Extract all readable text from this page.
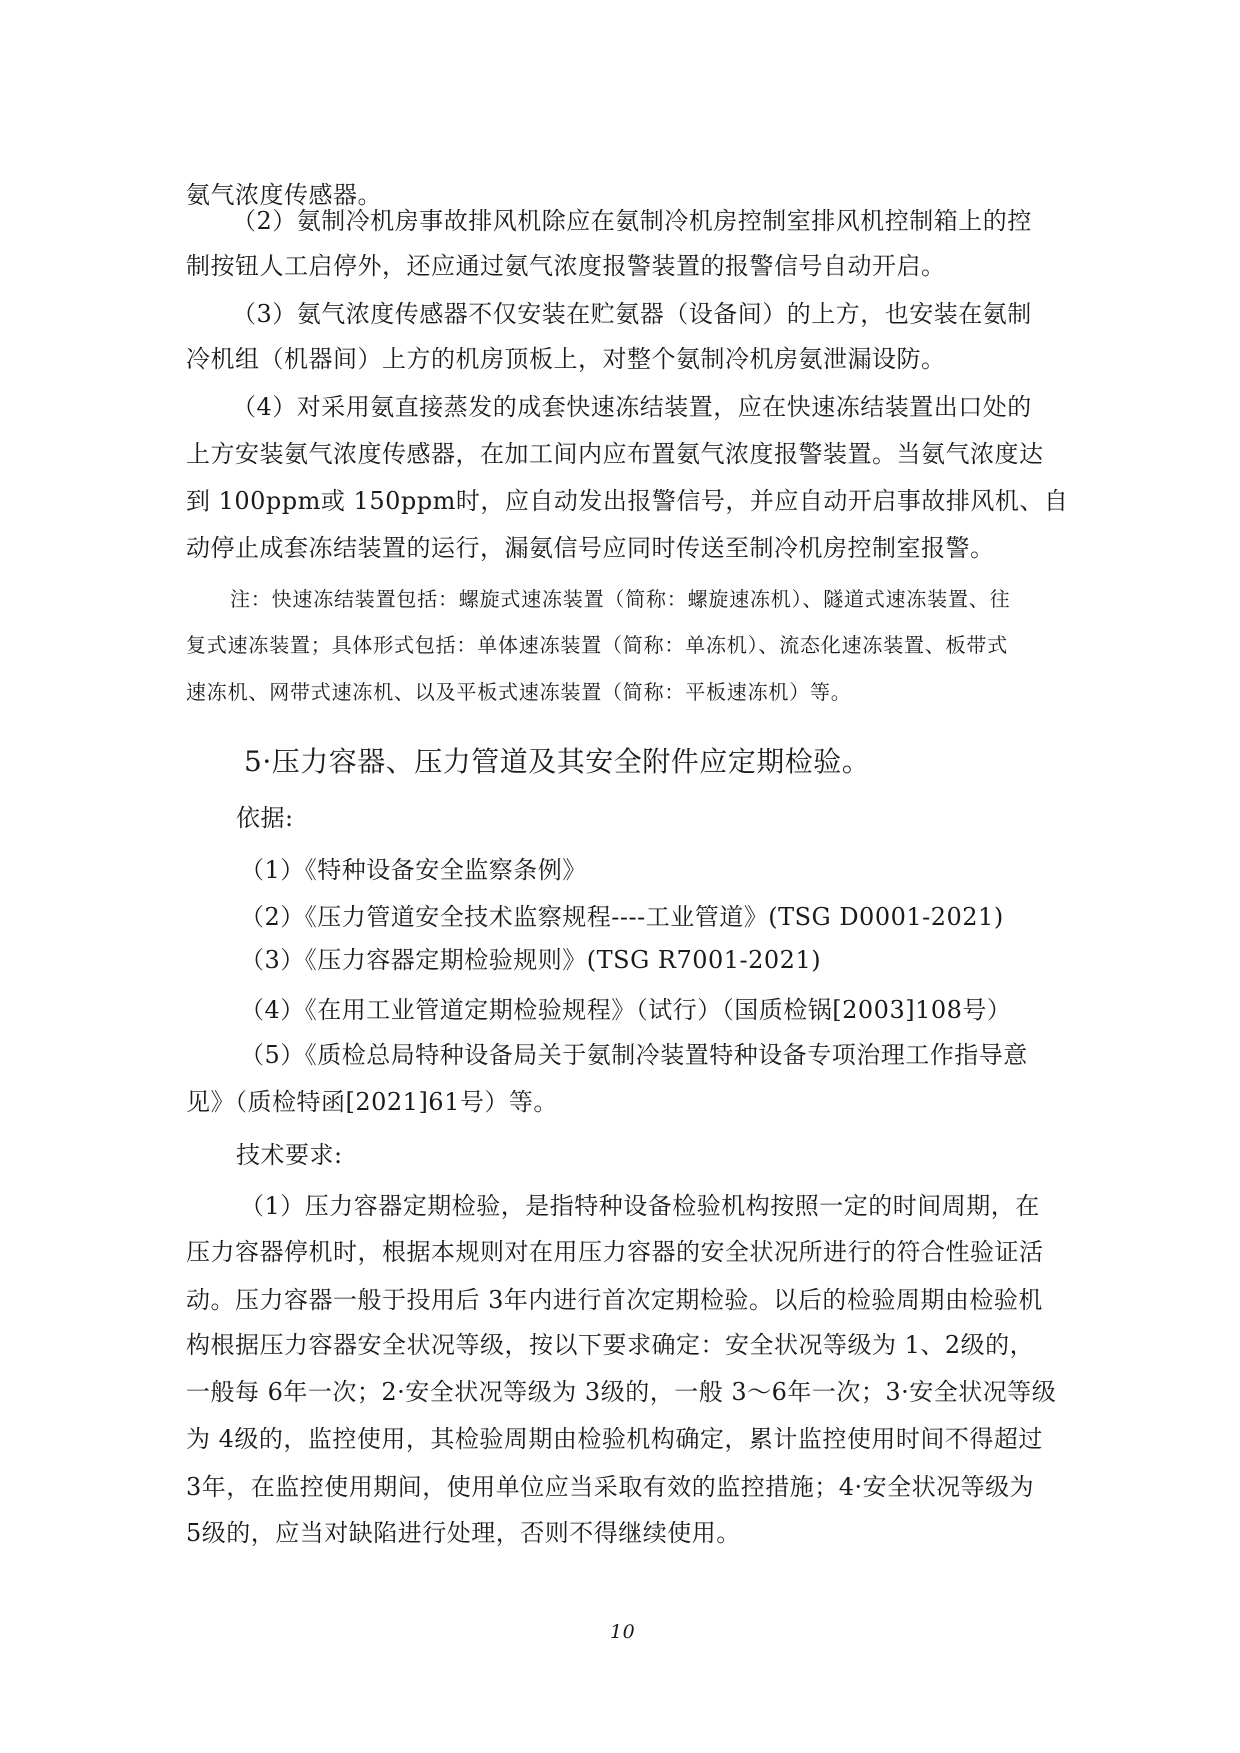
氨气浓度传感器。

（2）氨制冷机房事故排风机除应在氨制冷机房控制室排风机控制箱上的控

制按钮人工启停外，还应通过氨气浓度报警装置的报警信号自动开启。

（3）氨气浓度传感器不仅安装在贮氨器（设备间）的上方，也安装在氨制

冷机组（机器间）上方的机房顶板上，对整个氨制冷机房氨泄漏设防。

（4）对采用氨直接蒸发的成套快速冻结装置，应在快速冻结装置出口处的

上方安装氨气浓度传感器，在加工间内应布置氨气浓度报警装置。当氨气浓度达

到 100ppm或 150ppm时，应自动发出报警信号，并应自动开启事故排风机、自

动停止成套冻结装置的运行，漏氨信号应同时传送至制冷机房控制室报警。

注：快速冻结装置包括：螺旋式速冻装置（简称：螺旋速冻机）、隧道式速冻装置、往

复式速冻装置；具体形式包括：单体速冻装置（简称：单冻机）、流态化速冻装置、板带式

速冻机、网带式速冻机、以及平板式速冻装置（简称：平板速冻机）等。

5·压力容器、压力管道及其安全附件应定期检验。

依据:

（1）《特种设备安全监察条例》

（2）《压力管道安全技术监察规程----工业管道》(TSG D0001-2021)

（3）《压力容器定期检验规则》(TSG R7001-2021)

（4）《在用工业管道定期检验规程》（试行）（国质检锅[2003]108号）

（5）《质检总局特种设备局关于氨制冷装置特种设备专项治理工作指导意

见》（质检特函[2021]61号）等。

技术要求:

（1）压力容器定期检验，是指特种设备检验机构按照一定的时间周期，在

压力容器停机时，根据本规则对在用压力容器的安全状况所进行的符合性验证活

动。压力容器一般于投用后 3年内进行首次定期检验。以后的检验周期由检验机

构根据压力容器安全状况等级，按以下要求确定：安全状况等级为 1、2级的，

一般每 6年一次；2·安全状况等级为 3级的，一般 3～6年一次；3·安全状况等级

为 4级的，监控使用，其检验周期由检验机构确定，累计监控使用时间不得超过

3年，在监控使用期间，使用单位应当采取有效的监控措施；4·安全状况等级为

5级的，应当对缺陷进行处理，否则不得继续使用。

10
